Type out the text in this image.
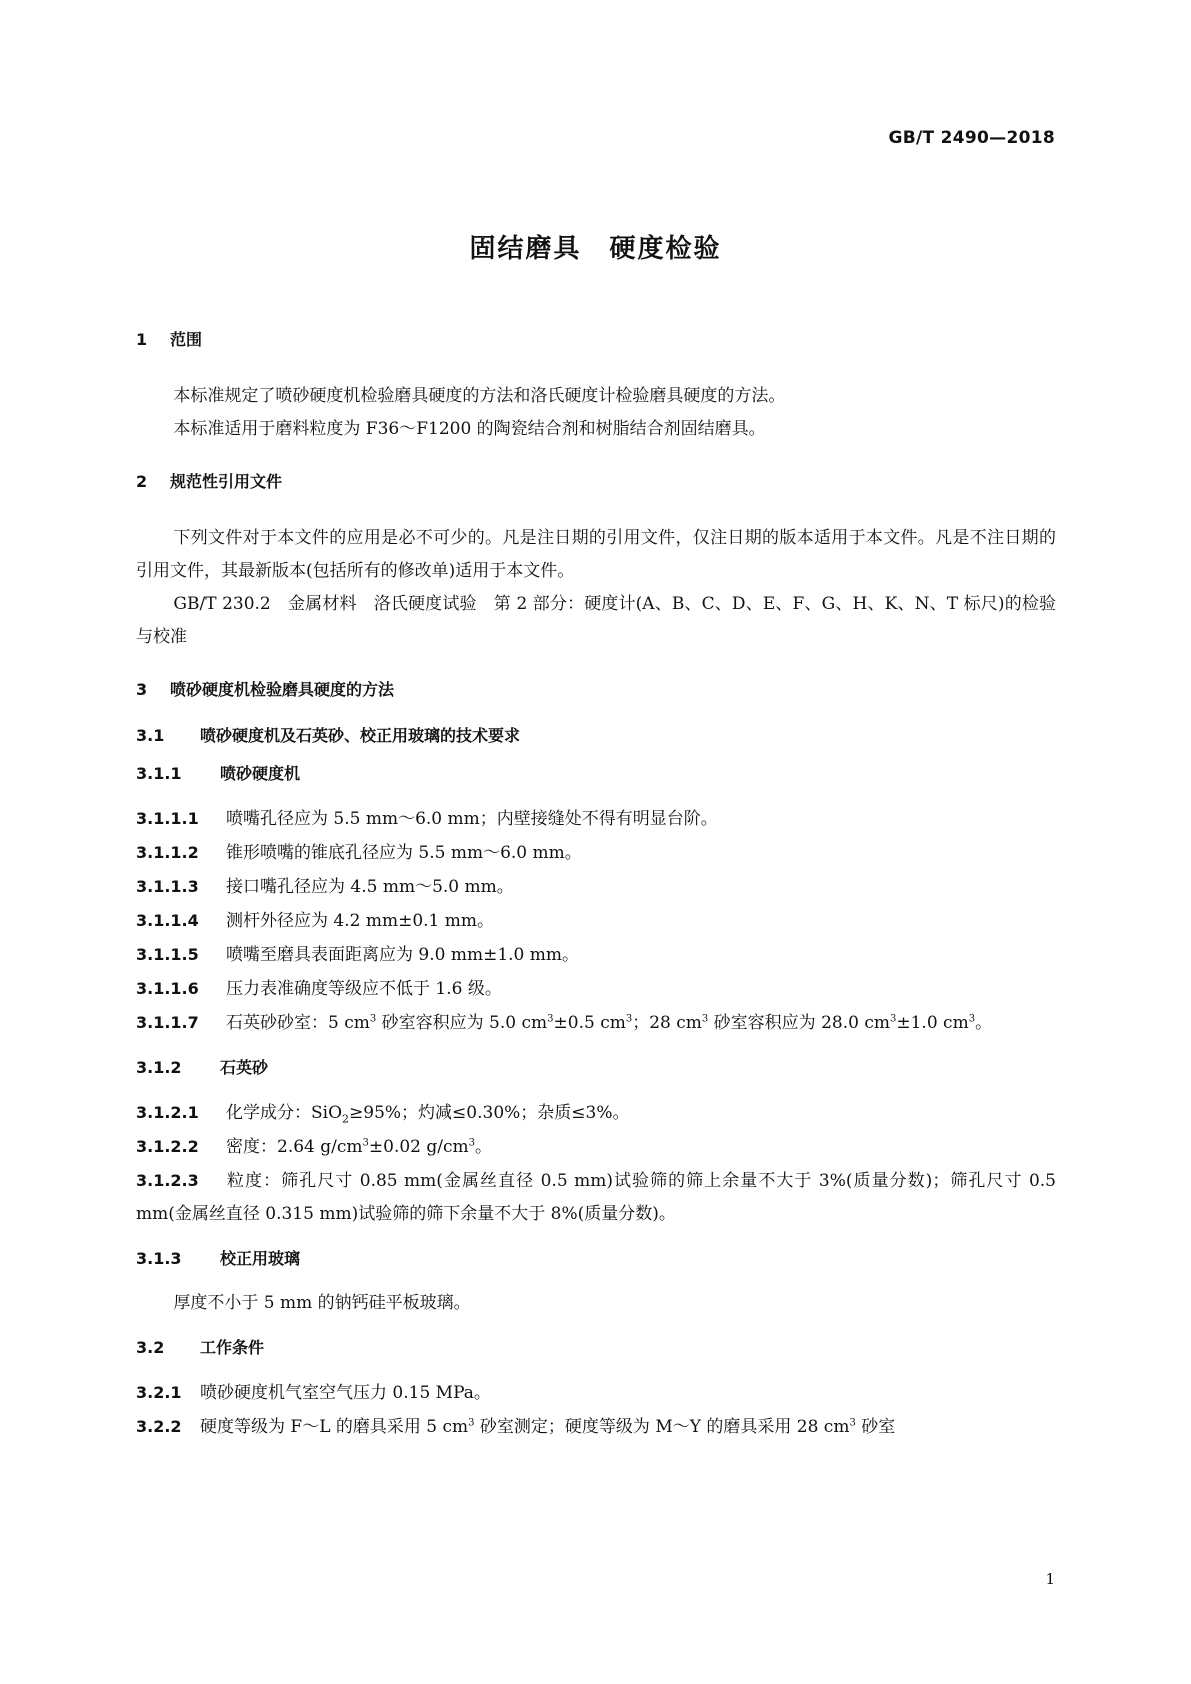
GB/T 2490—2018
固结磨具　硬度检验
1 范围
本标准规定了喷砂硬度机检验磨具硬度的方法和洛氏硬度计检验磨具硬度的方法。
本标准适用于磨料粒度为 F36～F1200 的陶瓷结合剂和树脂结合剂固结磨具。
2 规范性引用文件
下列文件对于本文件的应用是必不可少的。凡是注日期的引用文件，仅注日期的版本适用于本文件。凡是不注日期的引用文件，其最新版本(包括所有的修改单)适用于本文件。
GB/T 230.2　金属材料　洛氏硬度试验　第 2 部分：硬度计(A、B、C、D、E、F、G、H、K、N、T 标尺)的检验与校准
3 喷砂硬度机检验磨具硬度的方法
3.1 喷砂硬度机及石英砂、校正用玻璃的技术要求
3.1.1 喷砂硬度机
3.1.1.1 喷嘴孔径应为 5.5 mm～6.0 mm；内壁接缝处不得有明显台阶。
3.1.1.2 锥形喷嘴的锥底孔径应为 5.5 mm～6.0 mm。
3.1.1.3 接口嘴孔径应为 4.5 mm～5.0 mm。
3.1.1.4 测杆外径应为 4.2 mm±0.1 mm。
3.1.1.5 喷嘴至磨具表面距离应为 9.0 mm±1.0 mm。
3.1.1.6 压力表准确度等级应不低于 1.6 级。
3.1.1.7 石英砂砂室：5 $cm^3$ 砂室容积应为 5.0 $cm^3\pm 0.5$ $cm^3$；28 $cm^3$ 砂室容积应为 28.0 $cm^3\pm 1.0$ $cm^3$。
3.1.2 石英砂
3.1.2.1 化学成分：SiO$_2$≥95%；灼减≤0.30%；杂质≤3%。
3.1.2.2 密度：2.64 $g/cm^3\pm 0.02$ $g/cm^3$。
3.1.2.3 粒度：筛孔尺寸 0.85 mm(金属丝直径 0.5 mm)试验筛的筛上余量不大于 3%(质量分数)；筛孔尺寸 0.5 mm(金属丝直径 0.315 mm)试验筛的筛下余量不大于 8%(质量分数)。
3.1.3 校正用玻璃
厚度不小于 5 mm 的钠钙硅平板玻璃。
3.2 工作条件
3.2.1 喷砂硬度机气室空气压力 0.15 MPa。
3.2.2 硬度等级为 F～L 的磨具采用 5 $cm^3$ 砂室测定；硬度等级为 M～Y 的磨具采用 28 $cm^3$ 砂室
1
